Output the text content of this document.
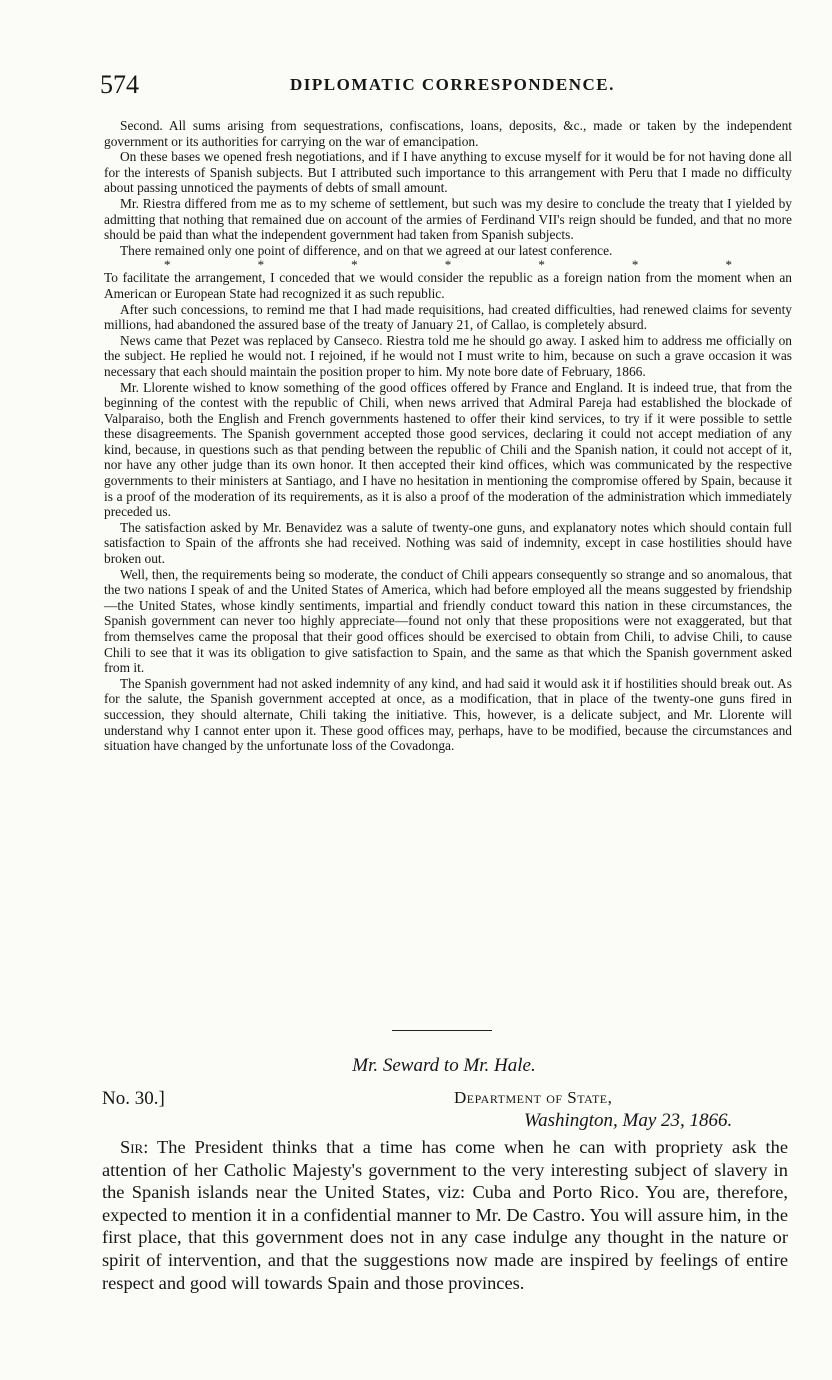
574	DIPLOMATIC CORRESPONDENCE.

Second. All sums arising from sequestrations, confiscations, loans, deposits, &c., made or taken by the independent government or its authorities for carrying on the war of emancipation.

On these bases we opened fresh negotiations, and if I have anything to excuse myself for it would be for not having done all for the interests of Spanish subjects. But I attributed such importance to this arrangement with Peru that I made no difficulty about passing unnoticed the payments of debts of small amount.

Mr. Riestra differed from me as to my scheme of settlement, but such was my desire to conclude the treaty that I yielded by admitting that nothing that remained due on account of the armies of Ferdinand VII's reign should be funded, and that no more should be paid than what the independent government had taken from Spanish subjects.

There remained only one point of difference, and on that we agreed at our latest conference.

*	*	*	*	*	*	*

To facilitate the arrangement, I conceded that we would consider the republic as a foreign nation from the moment when an American or European State had recognized it as such republic.

After such concessions, to remind me that I had made requisitions, had created difficulties, had renewed claims for seventy millions, had abandoned the assured base of the treaty of January 21, of Callao, is completely absurd.

News came that Pezet was replaced by Canseco. Riestra told me he should go away. I asked him to address me officially on the subject. He replied he would not. I rejoined, if he would not I must write to him, because on such a grave occasion it was necessary that each should maintain the position proper to him. My note bore date of February, 1866.

Mr. Llorente wished to know something of the good offices offered by France and England. It is indeed true, that from the beginning of the contest with the republic of Chili, when news arrived that Admiral Pareja had established the blockade of Valparaiso, both the English and French governments hastened to offer their kind services, to try if it were possible to settle these disagreements. The Spanish government accepted those good services, declaring it could not accept mediation of any kind, because, in questions such as that pending between the republic of Chili and the Spanish nation, it could not accept of it, nor have any other judge than its own honor. It then accepted their kind offices, which was communicated by the respective governments to their ministers at Santiago, and I have no hesitation in mentioning the compromise offered by Spain, because it is a proof of the moderation of its requirements, as it is also a proof of the moderation of the administration which immediately preceded us.

The satisfaction asked by Mr. Benavidez was a salute of twenty-one guns, and explanatory notes which should contain full satisfaction to Spain of the affronts she had received. Nothing was said of indemnity, except in case hostilities should have broken out.

Well, then, the requirements being so moderate, the conduct of Chili appears consequently so strange and so anomalous, that the two nations I speak of and the United States of America, which had before employed all the means suggested by friendship—the United States, whose kindly sentiments, impartial and friendly conduct toward this nation in these circumstances, the Spanish government can never too highly appreciate—found not only that these propositions were not exaggerated, but that from themselves came the proposal that their good offices should be exercised to obtain from Chili, to advise Chili, to cause Chili to see that it was its obligation to give satisfaction to Spain, and the same as that which the Spanish government asked from it.

The Spanish government had not asked indemnity of any kind, and had said it would ask it if hostilities should break out. As for the salute, the Spanish government accepted at once, as a modification, that in place of the twenty-one guns fired in succession, they should alternate, Chili taking the initiative. This, however, is a delicate subject, and Mr. Llorente will understand why I cannot enter upon it. These good offices may, perhaps, have to be modified, because the circumstances and situation have changed by the unfortunate loss of the Covadonga.

Mr. Seward to Mr. Hale.
No. 30.]	Department of State,
Washington, May 23, 1866.

Sir: The President thinks that a time has come when he can with propriety ask the attention of her Catholic Majesty's government to the very interesting subject of slavery in the Spanish islands near the United States, viz: Cuba and Porto Rico. You are, therefore, expected to mention it in a confidential manner to Mr. De Castro. You will assure him, in the first place, that this government does not in any case indulge any thought in the nature or spirit of intervention, and that the suggestions now made are inspired by feelings of entire respect and good will towards Spain and those provinces.
